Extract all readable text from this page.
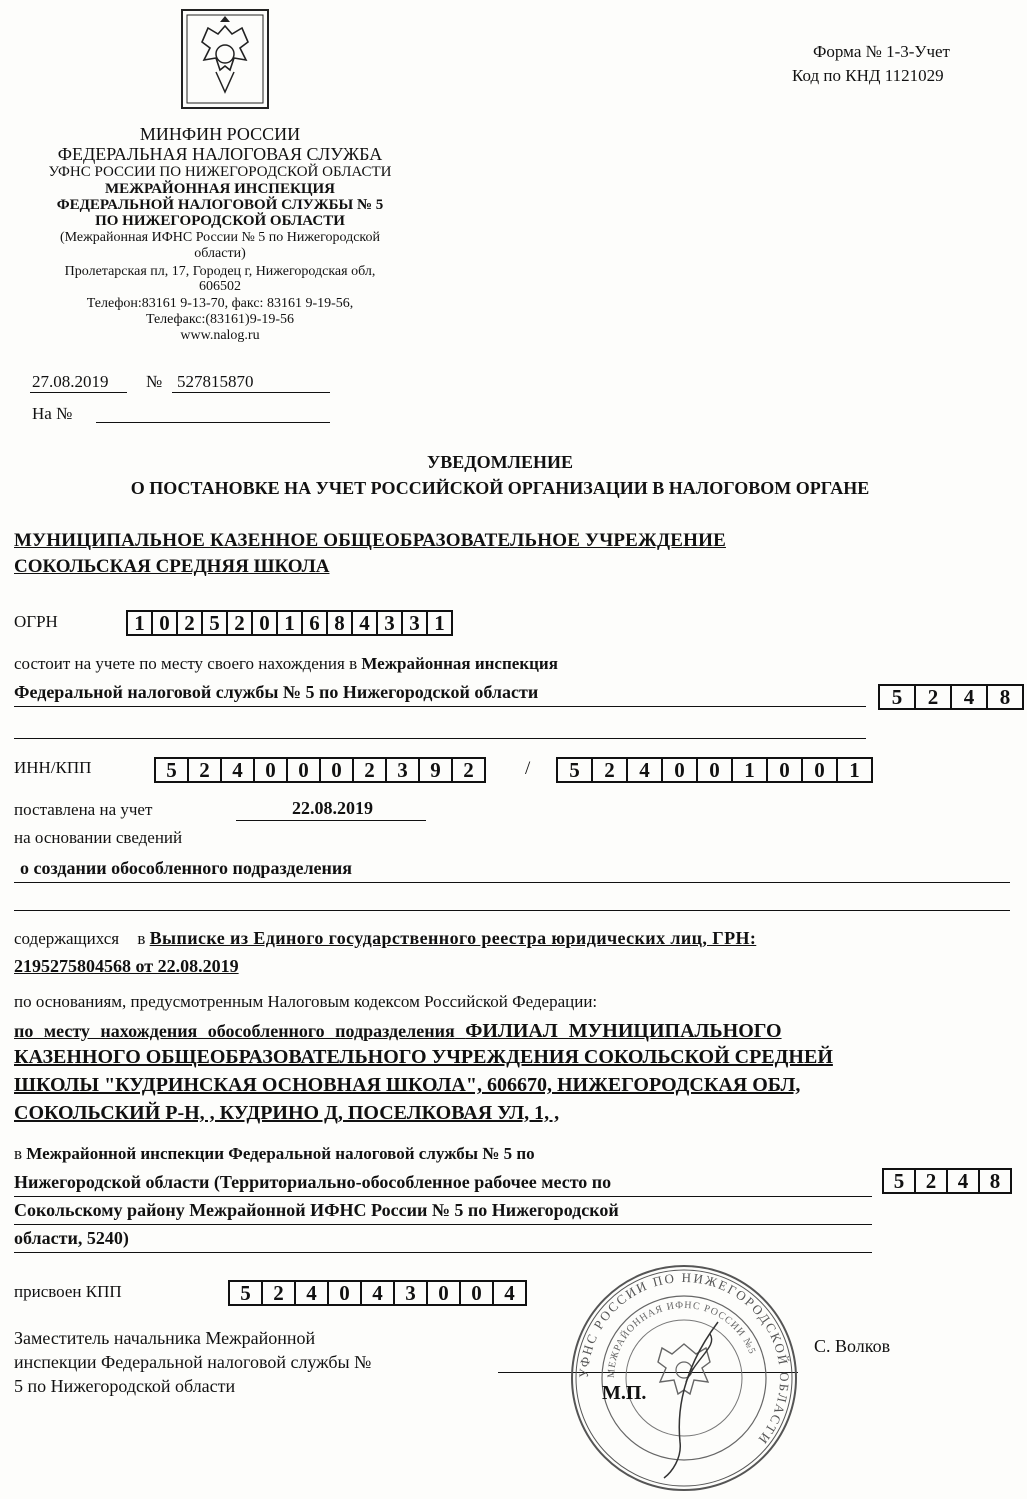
Форма № 1-3-Учет
Код по КНД 1121029
МИНФИН РОССИИ
ФЕДЕРАЛЬНАЯ НАЛОГОВАЯ СЛУЖБА
УФНС РОССИИ ПО НИЖЕГОРОДСКОЙ ОБЛАСТИ
МЕЖРАЙОННАЯ ИНСПЕКЦИЯ
ФЕДЕРАЛЬНОЙ НАЛОГОВОЙ СЛУЖБЫ № 5
ПО НИЖЕГОРОДСКОЙ ОБЛАСТИ
(Межрайонная ИФНС России № 5 по Нижегородской
области)
Пролетарская пл, 17, Городец г, Нижегородская обл,
606502
Телефон:83161 9-13-70, факс: 83161 9-19-56,
Телефакс:(83161)9-19-56
www.nalog.ru
27.08.2019 № 527815870
На №
УВЕДОМЛЕНИЕ
О ПОСТАНОВКЕ НА УЧЕТ РОССИЙСКОЙ ОРГАНИЗАЦИИ В НАЛОГОВОМ ОРГАНЕ
МУНИЦИПАЛЬНОЕ КАЗЕННОЕ ОБЩЕОБРАЗОВАТЕЛЬНОЕ УЧРЕЖДЕНИЕ
СОКОЛЬСКАЯ СРЕДНЯЯ ШКОЛА
ОГРН	1 0 2 5 2 0 1 6 8 4 3 3 1
состоит на учете по месту своего нахождения в Межрайонная инспекция
Федеральной налоговой службы № 5 по Нижегородской области	5	2	4	8
ИНН/КПП	5	2	4	0	0	0	2	3	9	2	/	5	2	4	0	0	1	0	0	1
поставлена на учет	22.08.2019
на основании сведений
о создании обособленного подразделения
содержащихся в Выписке из Единого государственного реестра юридических лиц, ГРН:
2195275804568 от 22.08.2019
по основаниям, предусмотренным Налоговым кодексом Российской Федерации:
по месту нахождения обособленного подразделения ФИЛИАЛ МУНИЦИПАЛЬНОГО
КАЗЕННОГО ОБЩЕОБРАЗОВАТЕЛЬНОГО УЧРЕЖДЕНИЯ СОКОЛЬСКОЙ СРЕДНЕЙ
ШКОЛЫ "КУДРИНСКАЯ ОСНОВНАЯ ШКОЛА", 606670, НИЖЕГОРОДСКАЯ ОБЛ,
СОКОЛЬСКИЙ Р-Н, , КУДРИНО Д, ПОСЕЛКОВАЯ УЛ, 1, ,
в Межрайонной инспекции Федеральной налоговой службы № 5 по
Нижегородской области (Территориально-обособленное рабочее место по	5	2	4	8
Сокольскому району Межрайонной ИФНС России № 5 по Нижегородской
области, 5240)
присвоен КПП	5	2	4	0	4	3	0	0	4
Заместитель начальника Межрайонной
инспекции Федеральной налоговой службы №
5 по Нижегородской области
С. Волков
УФНС РОССИИ ПО НИЖЕГОРОДСКОЙ ОБЛАСТИ
МЕЖРАЙОННАЯ ИФНС РОССИИ №5
М.П.
